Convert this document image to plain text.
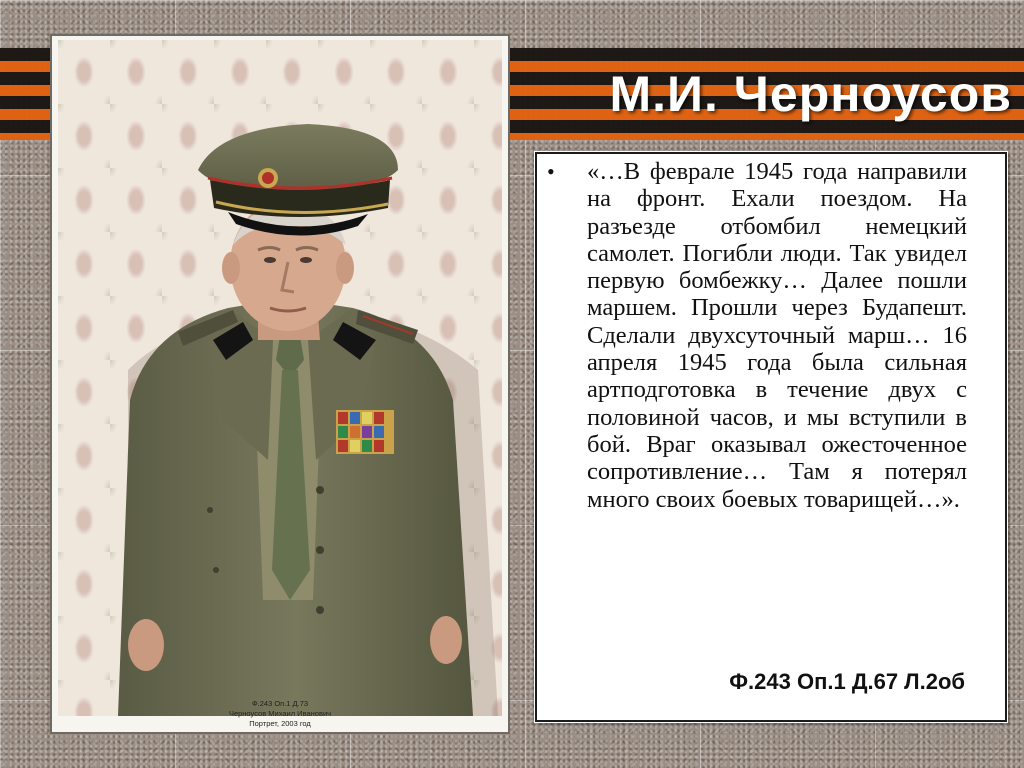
М.И. Черноусов
Ф.243 Оп.1 Д.73
Черноусов Михаил Иванович
Портрет, 2003 год
• «…В феврале 1945 года направили на фронт. Ехали поездом. На разъезде отбомбил немецкий самолет. Погибли люди. Так увидел первую бомбежку… Далее пошли маршем. Прошли через Будапешт. Сделали двухсуточный марш… 16 апреля 1945 года была сильная артподготовка в течение двух с половиной часов, и мы вступили в бой. Враг оказывал ожесточенное сопротивление… Там я потерял много своих боевых товарищей…».
Ф.243 Оп.1 Д.67 Л.2об
